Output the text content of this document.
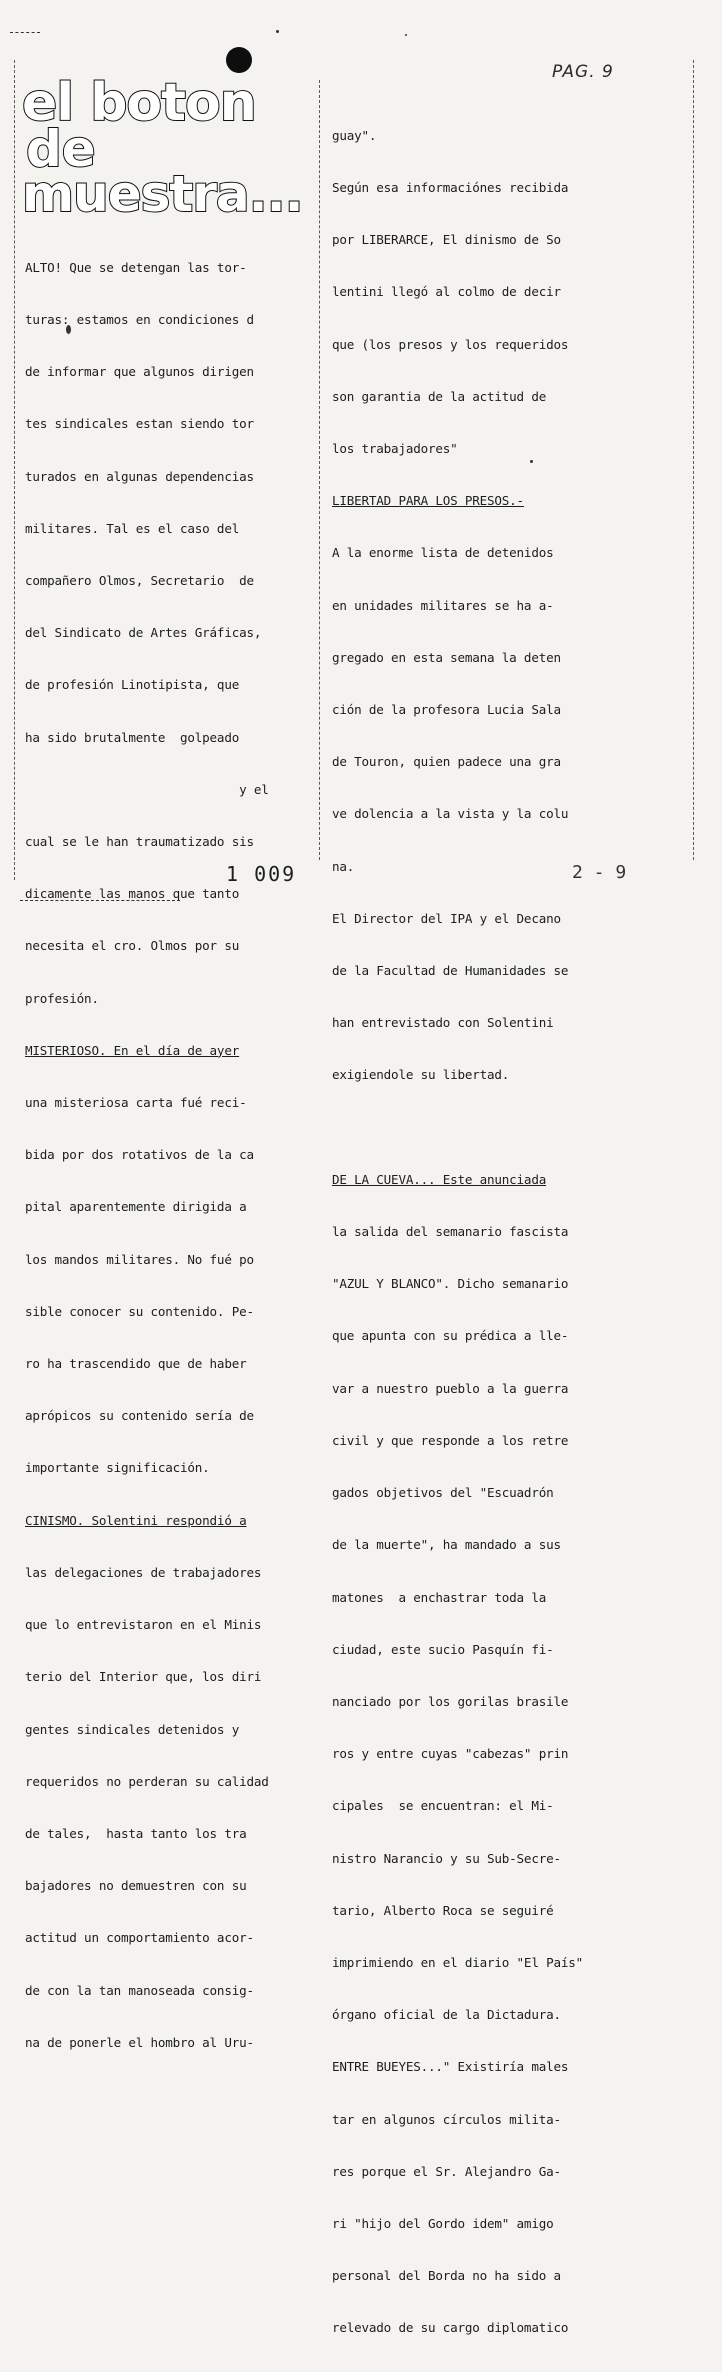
PAG. 9
el boton
de
muestra...

ALTO! Que se detengan las tor-

turas: estamos en condiciones d

de informar que algunos dirigen

tes sindicales estan siendo tor

turados en algunas dependencias

militares. Tal es el caso del

compañero Olmos, Secretario  de

del Sindicato de Artes Gráficas,

de profesión Linotipista, que

ha sido brutalmente  golpeado

y el

cual se le han traumatizado sis

dicamente las manos que tanto

necesita el cro. Olmos por su

profesión.

MISTERIOSO. En el día de ayer

una misteriosa carta fué reci-

bida por dos rotativos de la ca

pital aparentemente dirigida a

los mandos militares. No fué po

sible conocer su contenido. Pe-

ro ha trascendido que de haber

aprópicos su contenido sería de

importante significación.

CINISMO. Solentini respondió a

las delegaciones de trabajadores

que lo entrevistaron en el Minis

terio del Interior que, los diri

gentes sindicales detenidos y

requeridos no perderan su calidad

de tales,  hasta tanto los tra

bajadores no demuestren con su

actitud un comportamiento acor-

de con la tan manoseada consig-

na de ponerle el hombro al Uru-

guay".

Según esa informaciónes recibida

por LIBERARCE, El dinismo de So

lentini llegó al colmo de decir

que (los presos y los requeridos

son garantia de la actitud de

los trabajadores"

LIBERTAD PARA LOS PRESOS.-

A la enorme lista de detenidos

en unidades militares se ha a-

gregado en esta semana la deten

ción de la profesora Lucia Sala

de Touron, quien padece una gra

ve dolencia a la vista y la colu

na.

El Director del IPA y el Decano

de la Facultad de Humanidades se

han entrevistado con Solentini

exigiendole su libertad.

DE LA CUEVA... Este anunciada

la salida del semanario fascista

"AZUL Y BLANCO". Dicho semanario

que apunta con su prédica a lle-

var a nuestro pueblo a la guerra

civil y que responde a los retre

gados objetivos del "Escuadrón

de la muerte", ha mandado a sus

matones  a enchastrar toda la

ciudad, este sucio Pasquín fi-

nanciado por los gorilas brasile

ros y entre cuyas "cabezas" prin

cipales  se encuentran: el Mi-

nistro Narancio y su Sub-Secre-

tario, Alberto Roca se seguiré

imprimiendo en el diario "El País"

órgano oficial de la Dictadura.

ENTRE BUEYES..." Existiría males

tar en algunos círculos milita-

res porque el Sr. Alejandro Ga-

ri "hijo del Gordo idem" amigo

personal del Borda no ha sido a

relevado de su cargo diplomatico

1 009	2 - 9
